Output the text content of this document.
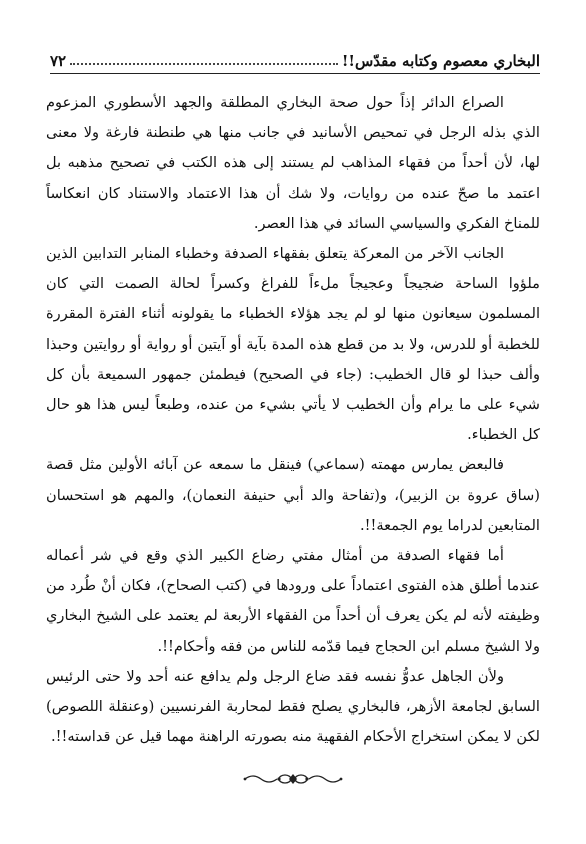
البخاري معصوم وكتابه مقدّس!!
٧٢

الصراع الدائر إذاً حول صحة البخاري المطلقة والجهد الأسطوري المزعوم الذي بذله الرجل في تمحيص الأسانيد في جانب منها هي طنطنة فارغة ولا معنى لها، لأن أحداً من فقهاء المذاهب لم يستند إلى هذه الكتب في تصحيح مذهبه بل اعتمد ما صحّ عنده من روايات، ولا شك أن هذا الاعتماد والاستناد كان انعكاساً للمناخ الفكري والسياسي السائد في هذا العصر.

الجانب الآخر من المعركة يتعلق بفقهاء الصدفة وخطباء المنابر التدابين الذين ملؤوا الساحة ضجيجاً وعجيجاً ملءاً للفراغ وكسراً لحالة الصمت التي كان المسلمون سيعانون منها لو لم يجد هؤلاء الخطباء ما يقولونه أثناء الفترة المقررة للخطبة أو للدرس، ولا بد من قطع هذه المدة بآية أو آيتين أو رواية أو روايتين وحبذا وألف حبذا لو قال الخطيب: (جاء في الصحيح) فيطمئن جمهور السميعة بأن كل شيء على ما يرام وأن الخطيب لا يأتي بشيء من عنده، وطبعاً ليس هذا هو حال كل الخطباء.

فالبعض يمارس مهمته (سماعي) فينقل ما سمعه عن آبائه الأولين مثل قصة (ساق عروة بن الزبير)، و(تفاحة والد أبي حنيفة النعمان)، والمهم هو استحسان المتابعين لدراما يوم الجمعة!!.

أما فقهاء الصدفة من أمثال مفتي رضاع الكبير الذي وقع في شر أعماله عندما أطلق هذه الفتوى اعتماداً على ورودها في (كتب الصحاح)، فكان أنْ طُرد من وظيفته لأنه لم يكن يعرف أن أحداً من الفقهاء الأربعة لم يعتمد على الشيخ البخاري ولا الشيخ مسلم ابن الحجاج فيما قدّمه للناس من فقه وأحكام!!.

ولأن الجاهل عدوُّ نفسه فقد ضاع الرجل ولم يدافع عنه أحد ولا حتى الرئيس السابق لجامعة الأزهر، فالبخاري يصلح فقط لمحاربة الفرنسيين (وعنقلة اللصوص) لكن لا يمكن استخراج الأحكام الفقهية منه بصورته الراهنة مهما قيل عن قداسته!!.
